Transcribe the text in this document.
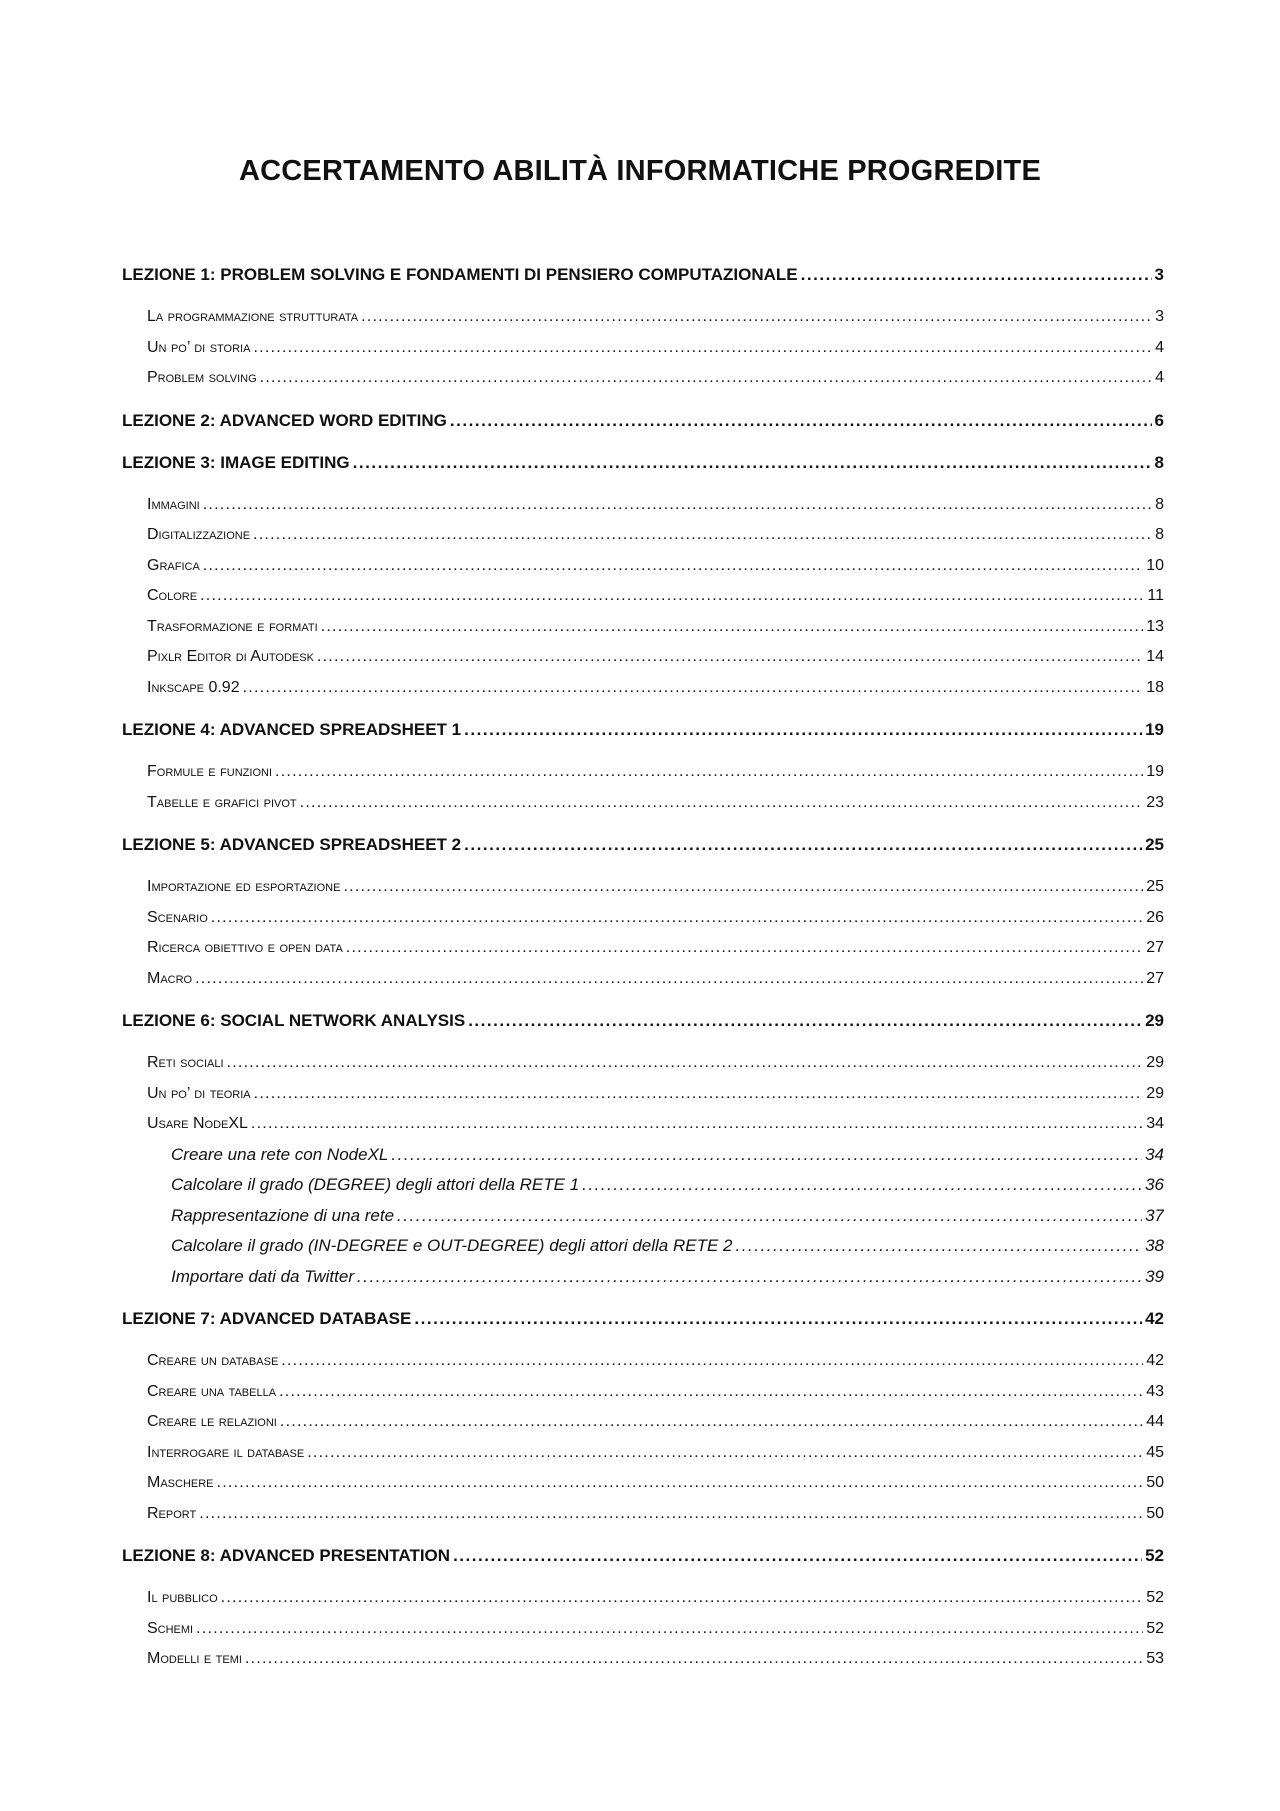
ACCERTAMENTO ABILITÀ INFORMATICHE PROGREDITE
LEZIONE 1: PROBLEM SOLVING E FONDAMENTI DI PENSIERO COMPUTAZIONALE . . .	3
La programmazione strutturata . . .	3
Un po’ di storia . . .	4
Problem solving . . .	4
LEZIONE 2: ADVANCED WORD EDITING . . .	6
LEZIONE 3: IMAGE EDITING . . .	8
Immagini . . .	8
Digitalizzazione . . .	8
Grafica . . .	10
Colore . . .	11
Trasformazione e formati . . .	13
Pixlr Editor di Autodesk . . .	14
Inkscape 0.92 . . .	18
LEZIONE 4: ADVANCED SPREADSHEET 1 . . .	19
Formule e funzioni . . .	19
Tabelle e grafici pivot . . .	23
LEZIONE 5: ADVANCED SPREADSHEET 2 . . .	25
Importazione ed esportazione . . .	25
Scenario . . .	26
Ricerca obiettivo e open data . . .	27
Macro . . .	27
LEZIONE 6: SOCIAL NETWORK ANALYSIS . . .	29
Reti sociali . . .	29
Un po’ di teoria . . .	29
Usare NodeXL . . .	34
Creare una rete con NodeXL . . .	34
Calcolare il grado (DEGREE) degli attori della RETE 1 . . .	36
Rappresentazione di una rete . . .	37
Calcolare il grado (IN-DEGREE e OUT-DEGREE) degli attori della RETE 2 . . .	38
Importare dati da Twitter . . .	39
LEZIONE 7: ADVANCED DATABASE . . .	42
Creare un database . . .	42
Creare una tabella . . .	43
Creare le relazioni . . .	44
Interrogare il database . . .	45
Maschere . . .	50
Report . . .	50
LEZIONE 8: ADVANCED PRESENTATION . . .	52
Il pubblico . . .	52
Schemi . . .	52
Modelli e temi . . .	53
